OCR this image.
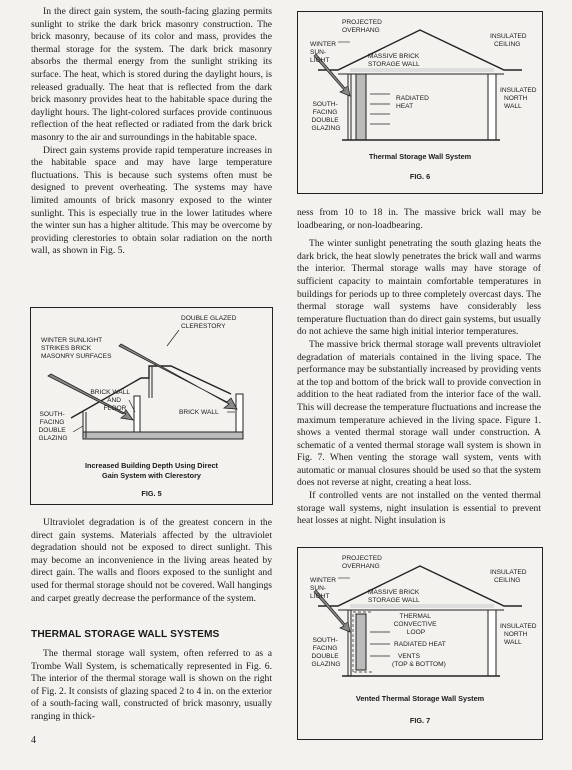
In the direct gain system, the south-facing glazing permits sunlight to strike the dark brick masonry construction. The brick masonry, because of its color and mass, provides the thermal storage for the system. The dark brick masonry absorbs the thermal energy from the sunlight striking its surface. The heat, which is stored during the daylight hours, is released gradually. The heat that is reflected from the dark brick masonry provides heat to the habitable space during the daylight hours. The light-colored surfaces provide continuous reflection of the heat reflected or radiated from the dark brick masonry to the air and surroundings in the habitable space.

Direct gain systems provide rapid temperature increases in the habitable space and may have large temperature fluctuations. This is because such systems often must be designed to prevent overheating. The systems may have limited amounts of brick masonry exposed to the winter sunlight. This is especially true in the lower latitudes where the winter sun has a higher altitude. This may be overcome by providing clerestories to obtain solar radiation on the north wall, as shown in Fig. 5.

DOUBLE GLAZED CLERESTORY
WINTER SUNLIGHT STRIKES BRICK MASONRY SURFACES
BRICK WALL AND FLOOR
BRICK WALL
SOUTH- FACING DOUBLE GLAZING
Increased Building Depth Using Direct
Gain System with Clerestory
FIG. 5

Ultraviolet degradation is of the greatest concern in the direct gain systems. Materials affected by the ultraviolet degradation should not be exposed to direct sunlight. This may become an inconvenience in the living areas heated by direct gain. The walls and floors exposed to the sunlight and used for thermal storage should not be covered. Wall hangings and carpet greatly decrease the performance of the system.

THERMAL STORAGE WALL SYSTEMS

The thermal storage wall system, often referred to as a Trombe Wall System, is schematically represented in Fig. 6. The interior of the thermal storage wall is shown on the right of Fig. 2. It consists of glazing spaced 2 to 4 in. on the exterior of a south-facing wall, constructed of brick masonry, usually ranging in thick-

PROJECTED OVERHANG
WINTER SUN- LIGHT
MASSIVE BRICK STORAGE WALL
INSULATED CEILING
RADIATED HEAT
INSULATED NORTH WALL
SOUTH- FACING DOUBLE GLAZING
Thermal Storage Wall System
FIG. 6

ness from 10 to 18 in. The massive brick wall may be loadbearing, or non-loadbearing.

The winter sunlight penetrating the south glazing heats the dark brick, the heat slowly penetrates the brick wall and warms the interior. Thermal storage walls may have storage of sufficient capacity to maintain comfortable temperatures in buildings for periods up to three completely overcast days. The thermal storage wall systems have considerably less temperature fluctuation than do direct gain systems, but usually do not achieve the same high initial interior temperatures.

The massive brick thermal storage wall prevents ultraviolet degradation of materials contained in the living space. The performance may be substantially increased by providing vents at the top and bottom of the brick wall to provide convection in addition to the heat radiated from the interior face of the wall. This will decrease the temperature fluctuations and increase the maximum temperature achieved in the living space. Figure 1. shows a vented thermal storage wall under construction. A schematic of a vented thermal storage wall system is shown in Fig. 7. When venting the storage wall system, vents with automatic or manual closures should be used so that the system does not reverse at night, creating a heat loss.

If controlled vents are not installed on the vented thermal storage wall systems, night insulation is essential to prevent heat losses at night. Night insulation is

PROJECTED OVERHANG
WINTER SUN- LIGHT
MASSIVE BRICK STORAGE WALL
INSULATED CEILING
THERMAL CONVECTIVE LOOP
RADIATED HEAT
VENTS (TOP & BOTTOM)
INSULATED NORTH WALL
SOUTH- FACING DOUBLE GLAZING
Vented Thermal Storage Wall System
FIG. 7
4
